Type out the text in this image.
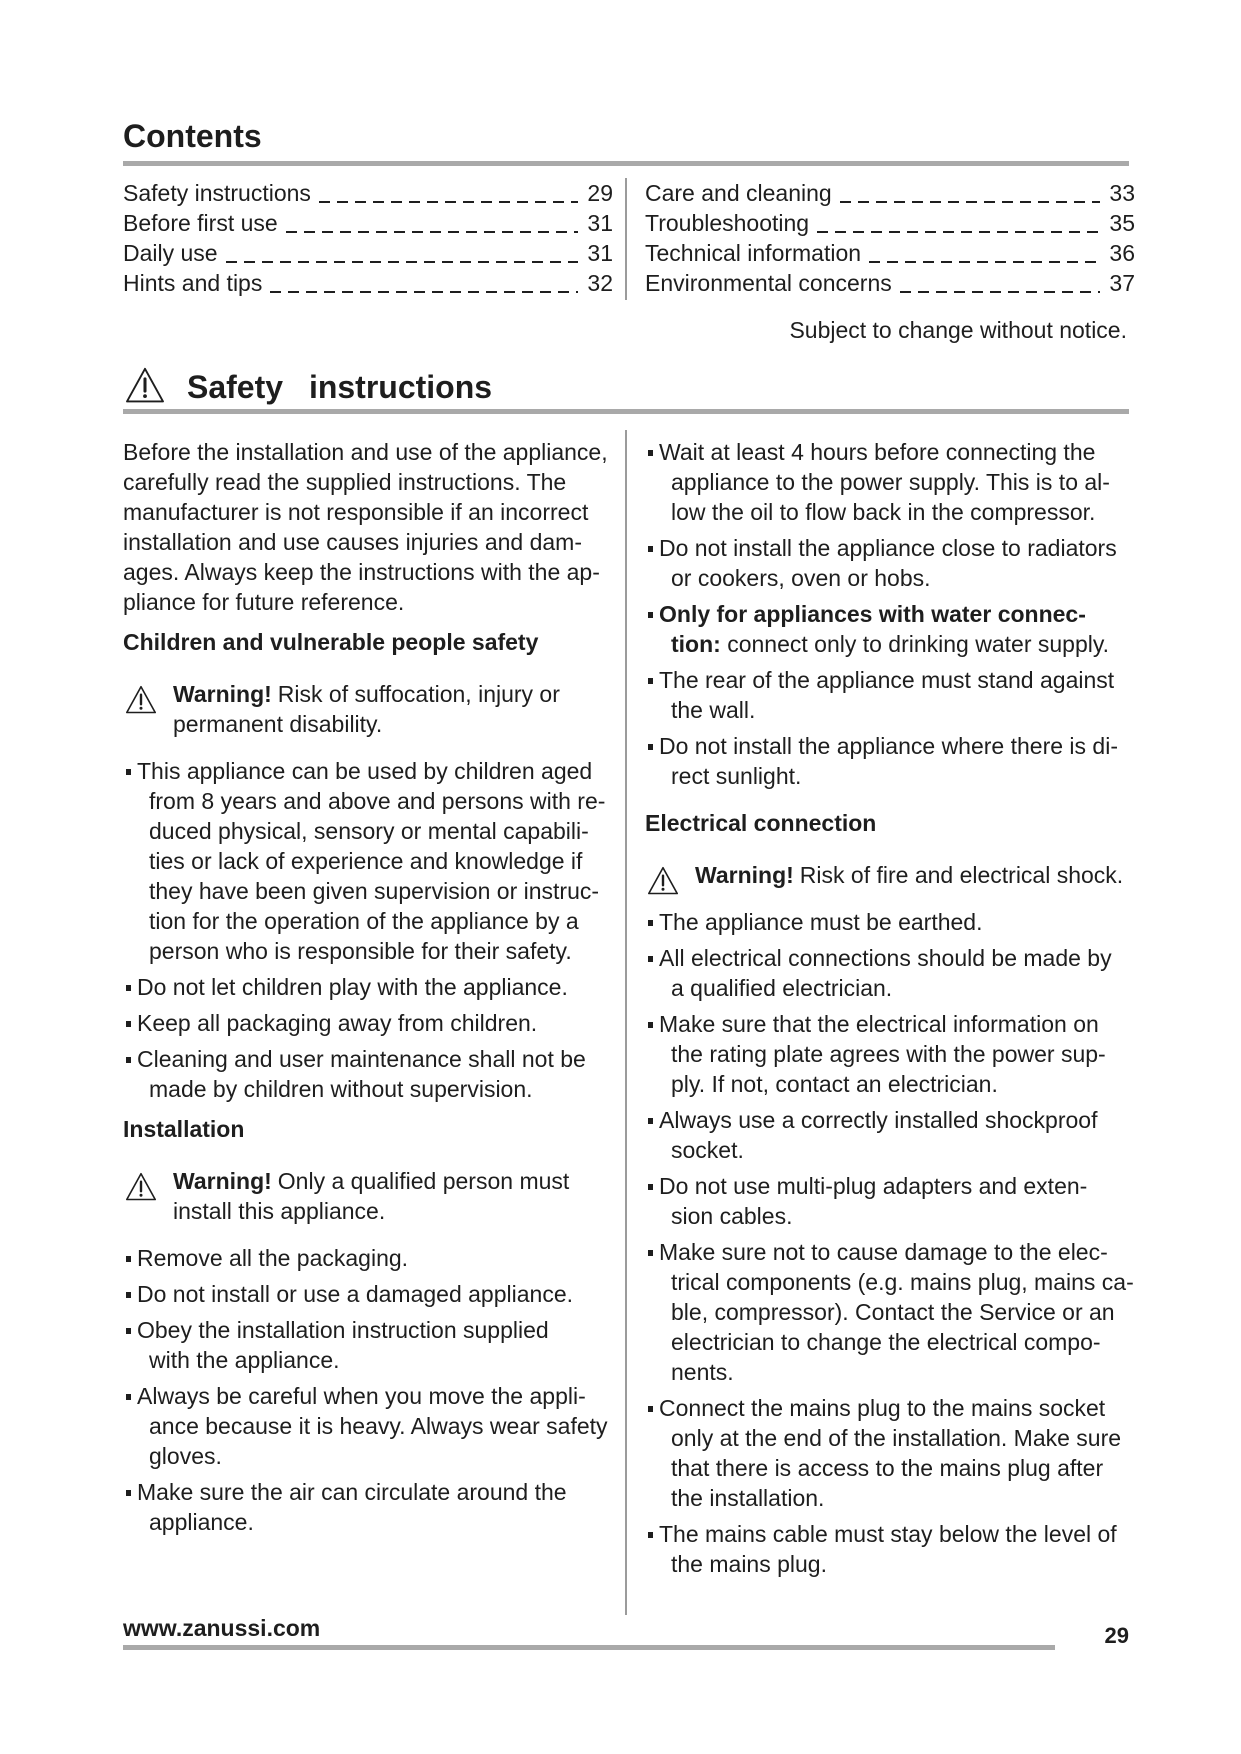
Contents
Safety instructions	29
Before first use	31
Daily use	31
Hints and tips	32
Care and cleaning	33
Troubleshooting	35
Technical information	36
Environmental concerns	37
Subject to change without notice.
Safety instructions
Before the installation and use of the appliance,
carefully read the supplied instructions. The
manufacturer is not responsible if an incorrect
installation and use causes injuries and dam-
ages. Always keep the instructions with the ap-
pliance for future reference.
Children and vulnerable people safety
Warning! Risk of suffocation, injury or
permanent disability.
This appliance can be used by children aged
from 8 years and above and persons with re-
duced physical, sensory or mental capabili-
ties or lack of experience and knowledge if
they have been given supervision or instruc-
tion for the operation of the appliance by a
person who is responsible for their safety.
Do not let children play with the appliance.
Keep all packaging away from children.
Cleaning and user maintenance shall not be
made by children without supervision.
Installation
Warning! Only a qualified person must
install this appliance.
Remove all the packaging.
Do not install or use a damaged appliance.
Obey the installation instruction supplied
with the appliance.
Always be careful when you move the appli-
ance because it is heavy. Always wear safety
gloves.
Make sure the air can circulate around the
appliance.
Wait at least 4 hours before connecting the
appliance to the power supply. This is to al-
low the oil to flow back in the compressor.
Do not install the appliance close to radiators
or cookers, oven or hobs.
Only for appliances with water connec-
tion: connect only to drinking water supply.
The rear of the appliance must stand against
the wall.
Do not install the appliance where there is di-
rect sunlight.
Electrical connection
Warning! Risk of fire and electrical shock.
The appliance must be earthed.
All electrical connections should be made by
a qualified electrician.
Make sure that the electrical information on
the rating plate agrees with the power sup-
ply. If not, contact an electrician.
Always use a correctly installed shockproof
socket.
Do not use multi-plug adapters and exten-
sion cables.
Make sure not to cause damage to the elec-
trical components (e.g. mains plug, mains ca-
ble, compressor). Contact the Service or an
electrician to change the electrical compo-
nents.
Connect the mains plug to the mains socket
only at the end of the installation. Make sure
that there is access to the mains plug after
the installation.
The mains cable must stay below the level of
the mains plug.
www.zanussi.com	29
